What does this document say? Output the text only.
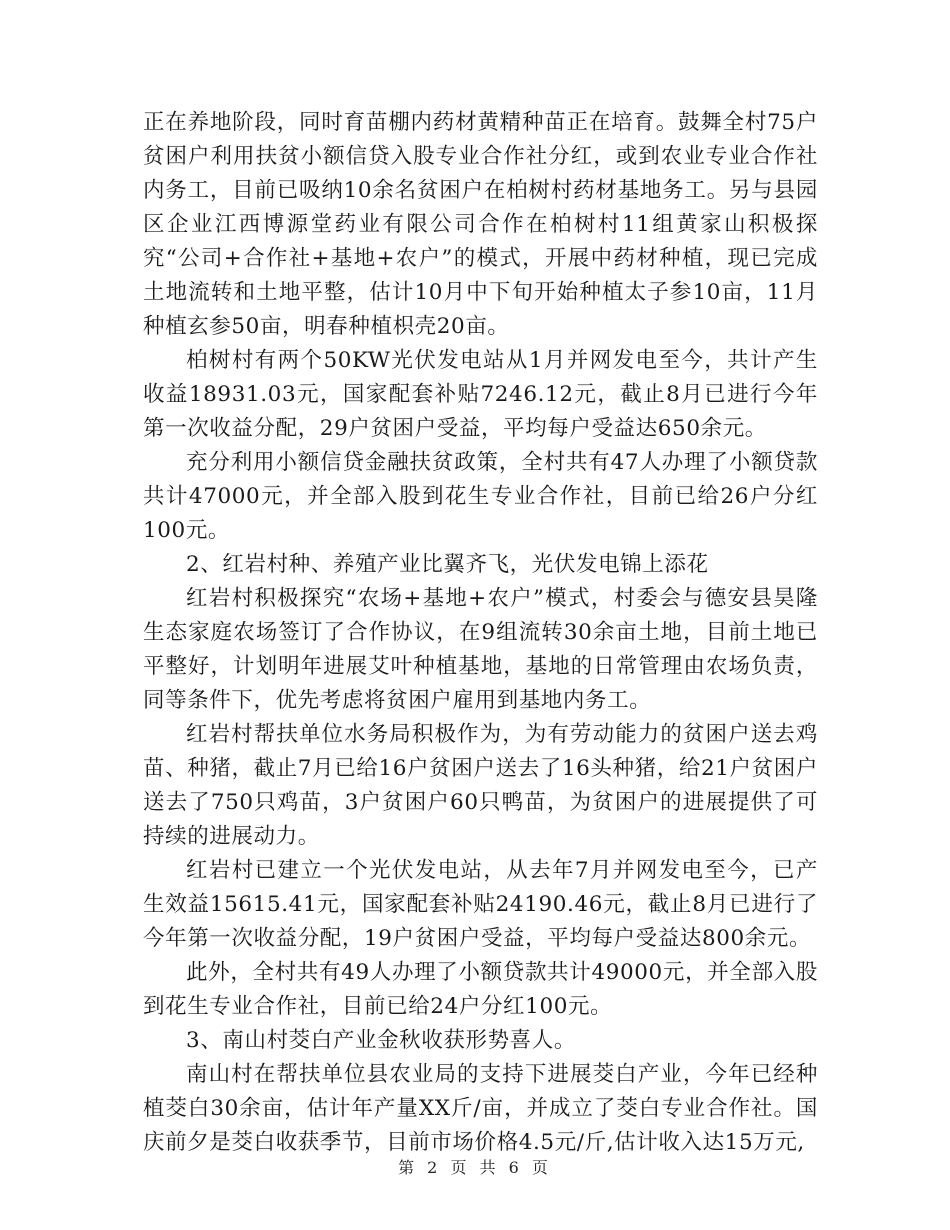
正在养地阶段，同时育苗棚内药材黄精种苗正在培育。鼓舞全村75户贫困户利用扶贫小额信贷入股专业合作社分红，或到农业专业合作社内务工，目前已吸纳10余名贫困户在柏树村药材基地务工。另与县园区企业江西博源堂药业有限公司合作在柏树村11组黄家山积极探究“公司+合作社+基地+农户”的模式，开展中药材种植，现已完成土地流转和土地平整，估计10月中下旬开始种植太子参10亩，11月种植玄参50亩，明春种植枳壳20亩。

柏树村有两个50KW光伏发电站从1月并网发电至今，共计产生收益18931.03元，国家配套补贴7246.12元，截止8月已进行今年第一次收益分配，29户贫困户受益，平均每户受益达650余元。

充分利用小额信贷金融扶贫政策，全村共有47人办理了小额贷款共计47000元，并全部入股到花生专业合作社，目前已给26户分红100元。

2、红岩村种、养殖产业比翼齐飞，光伏发电锦上添花

红岩村积极探究“农场+基地+农户”模式，村委会与德安县昊隆生态家庭农场签订了合作协议，在9组流转30余亩土地，目前土地已平整好，计划明年进展艾叶种植基地，基地的日常管理由农场负责，同等条件下，优先考虑将贫困户雇用到基地内务工。

红岩村帮扶单位水务局积极作为，为有劳动能力的贫困户送去鸡苗、种猪，截止7月已给16户贫困户送去了16头种猪，给21户贫困户送去了750只鸡苗，3户贫困户60只鸭苗，为贫困户的进展提供了可持续的进展动力。

红岩村已建立一个光伏发电站，从去年7月并网发电至今，已产生效益15615.41元，国家配套补贴24190.46元，截止8月已进行了今年第一次收益分配，19户贫困户受益，平均每户受益达800余元。

此外，全村共有49人办理了小额贷款共计49000元，并全部入股到花生专业合作社，目前已给24户分红100元。

3、南山村茭白产业金秋收获形势喜人。

南山村在帮扶单位县农业局的支持下进展茭白产业，今年已经种植茭白30余亩，估计年产量XX斤/亩，并成立了茭白专业合作社。国庆前夕是茭白收获季节，目前市场价格4.5元/斤,估计收入达15万元,

第 2 页 共 6 页
